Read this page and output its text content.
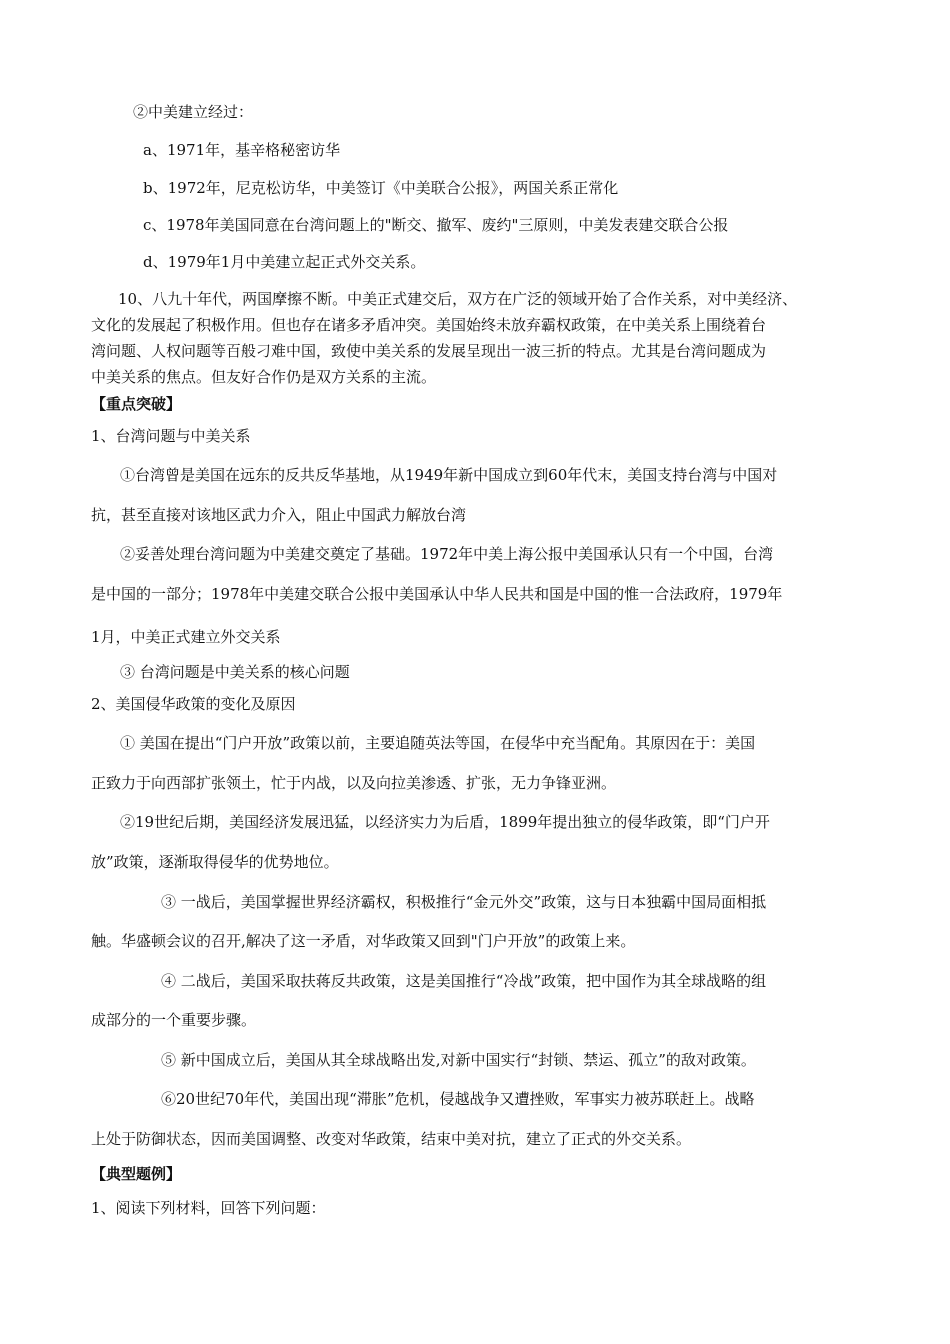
②中美建立经过：
a、1971年，基辛格秘密访华
b、1972年，尼克松访华，中美签订《中美联合公报》，两国关系正常化
c、1978年美国同意在台湾问题上的"断交、撤军、废约"三原则，中美发表建交联合公报
d、1979年1月中美建立起正式外交关系。
10、八九十年代，两国摩擦不断。中美正式建交后，双方在广泛的领域开始了合作关系，对中美经济、
文化的发展起了积极作用。但也存在诸多矛盾冲突。美国始终未放弃霸权政策，在中美关系上围绕着台
湾问题、人权问题等百般刁难中国，致使中美关系的发展呈现出一波三折的特点。尤其是台湾问题成为
中美关系的焦点。但友好合作仍是双方关系的主流。
【重点突破】
1、台湾问题与中美关系
①台湾曾是美国在远东的反共反华基地，从1949年新中国成立到60年代末，美国支持台湾与中国对
抗，甚至直接对该地区武力介入，阻止中国武力解放台湾
②妥善处理台湾问题为中美建交奠定了基础。1972年中美上海公报中美国承认只有一个中国，台湾
是中国的一部分；1978年中美建交联合公报中美国承认中华人民共和国是中国的惟一合法政府，1979年
1月，中美正式建立外交关系
③ 台湾问题是中美关系的核心问题
2、美国侵华政策的变化及原因
① 美国在提出“门户开放”政策以前，主要追随英法等国，在侵华中充当配角。其原因在于：美国
正致力于向西部扩张领土，忙于内战，以及向拉美渗透、扩张，无力争锋亚洲。
②19世纪后期，美国经济发展迅猛，以经济实力为后盾，1899年提出独立的侵华政策，即“门户开
放”政策，逐渐取得侵华的优势地位。
③ 一战后，美国掌握世界经济霸权，积极推行“金元外交”政策，这与日本独霸中国局面相抵
触。华盛顿会议的召开,解决了这一矛盾，对华政策又回到"门户开放”的政策上来。
④ 二战后，美国采取扶蒋反共政策，这是美国推行“冷战”政策，把中国作为其全球战略的组
成部分的一个重要步骤。
⑤ 新中国成立后，美国从其全球战略出发,对新中国实行“封锁、禁运、孤立”的敌对政策。
⑥20世纪70年代，美国出现“滞胀”危机，侵越战争又遭挫败，军事实力被苏联赶上。战略
上处于防御状态，因而美国调整、改变对华政策，结束中美对抗，建立了正式的外交关系。
【典型题例】
1、阅读下列材料，回答下列问题：
